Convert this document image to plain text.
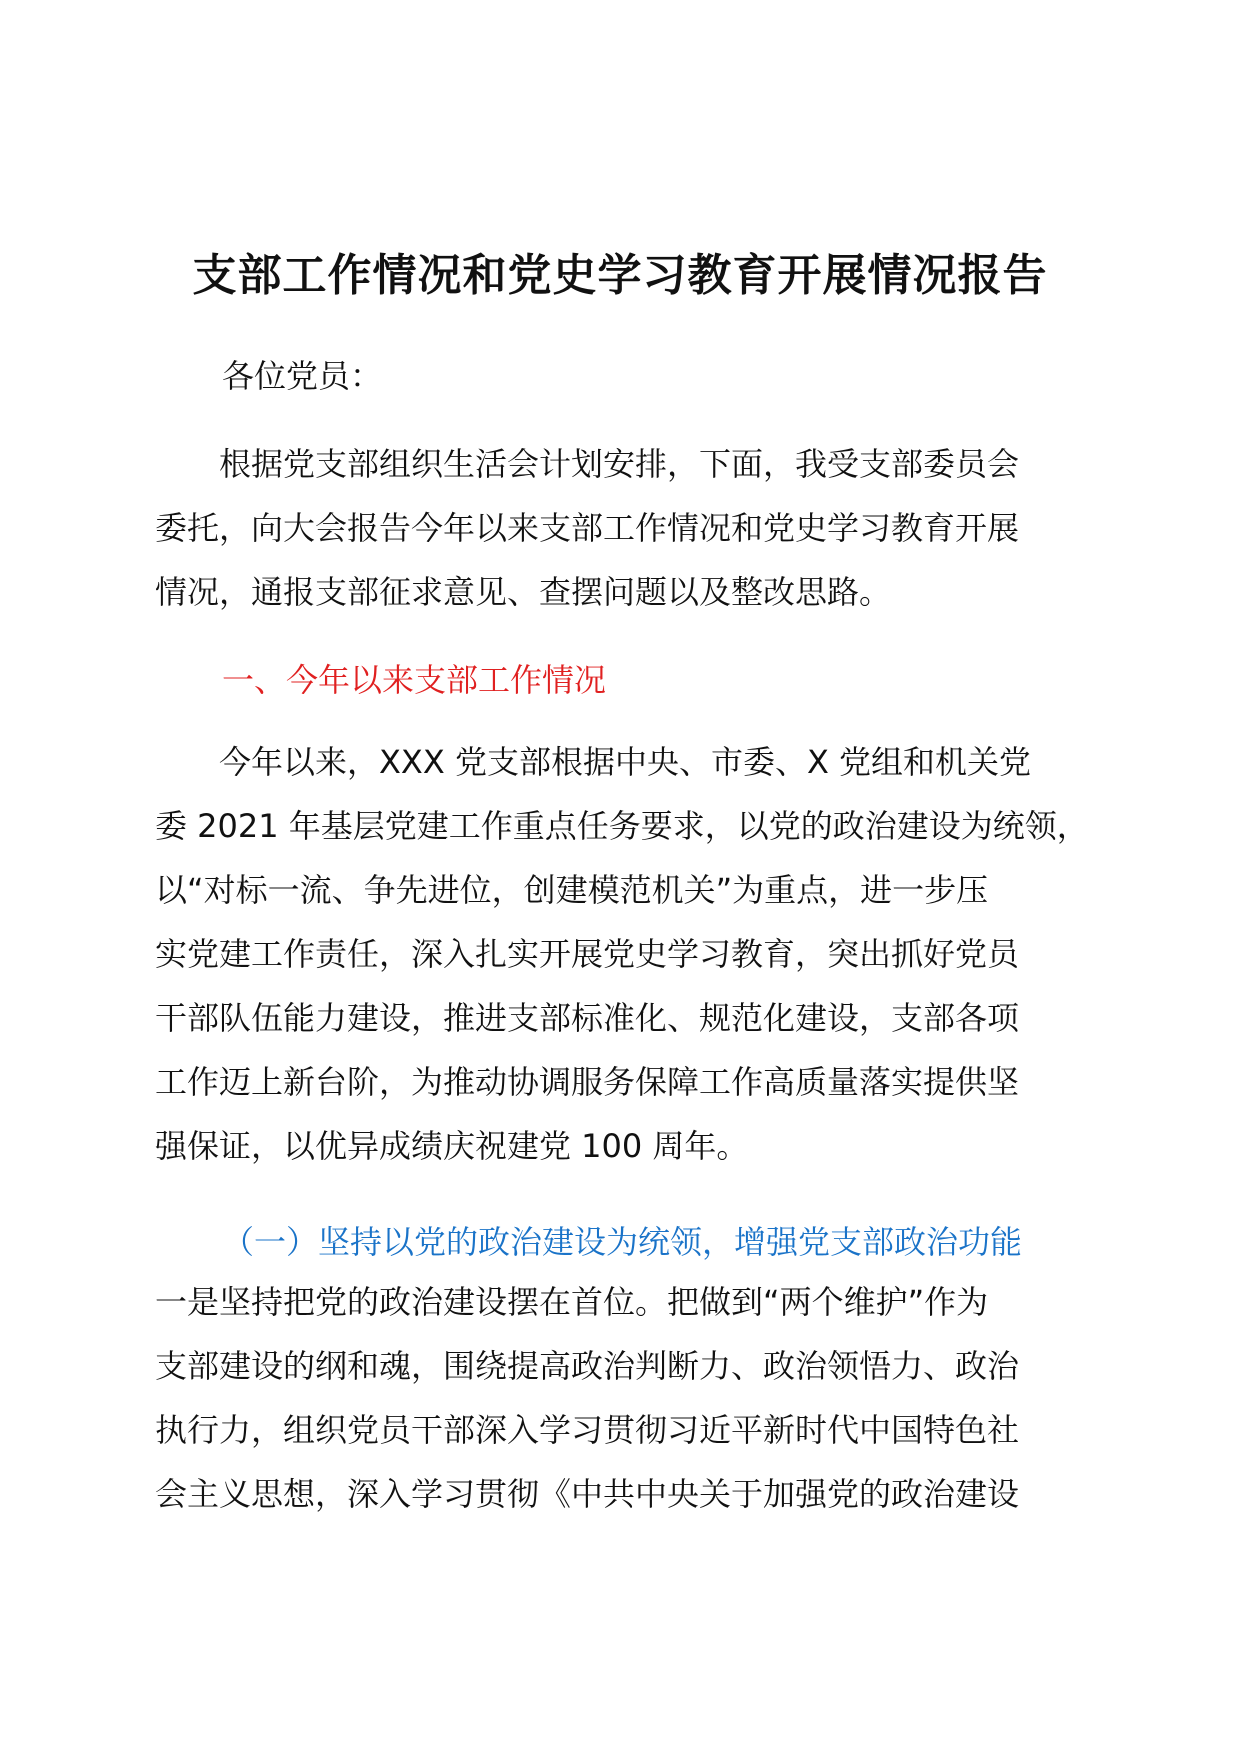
支部工作情况和党史学习教育开展情况报告

各位党员：

　　根据党支部组织生活会计划安排，下面，我受支部委员会
委托，向大会报告今年以来支部工作情况和党史学习教育开展
情况，通报支部征求意见、查摆问题以及整改思路。

一、今年以来支部工作情况

　　今年以来，XXX 党支部根据中央、市委、X 党组和机关党
委 2021 年基层党建工作重点任务要求，以党的政治建设为统领，
以“对标一流、争先进位，创建模范机关”为重点，进一步压
实党建工作责任，深入扎实开展党史学习教育，突出抓好党员
干部队伍能力建设，推进支部标准化、规范化建设，支部各项
工作迈上新台阶，为推动协调服务保障工作高质量落实提供坚
强保证，以优异成绩庆祝建党 100 周年。

（一）坚持以党的政治建设为统领，增强党支部政治功能

一是坚持把党的政治建设摆在首位。把做到“两个维护”作为
支部建设的纲和魂，围绕提高政治判断力、政治领悟力、政治
执行力，组织党员干部深入学习贯彻习近平新时代中国特色社
会主义思想，深入学习贯彻《中共中央关于加强党的政治建设
